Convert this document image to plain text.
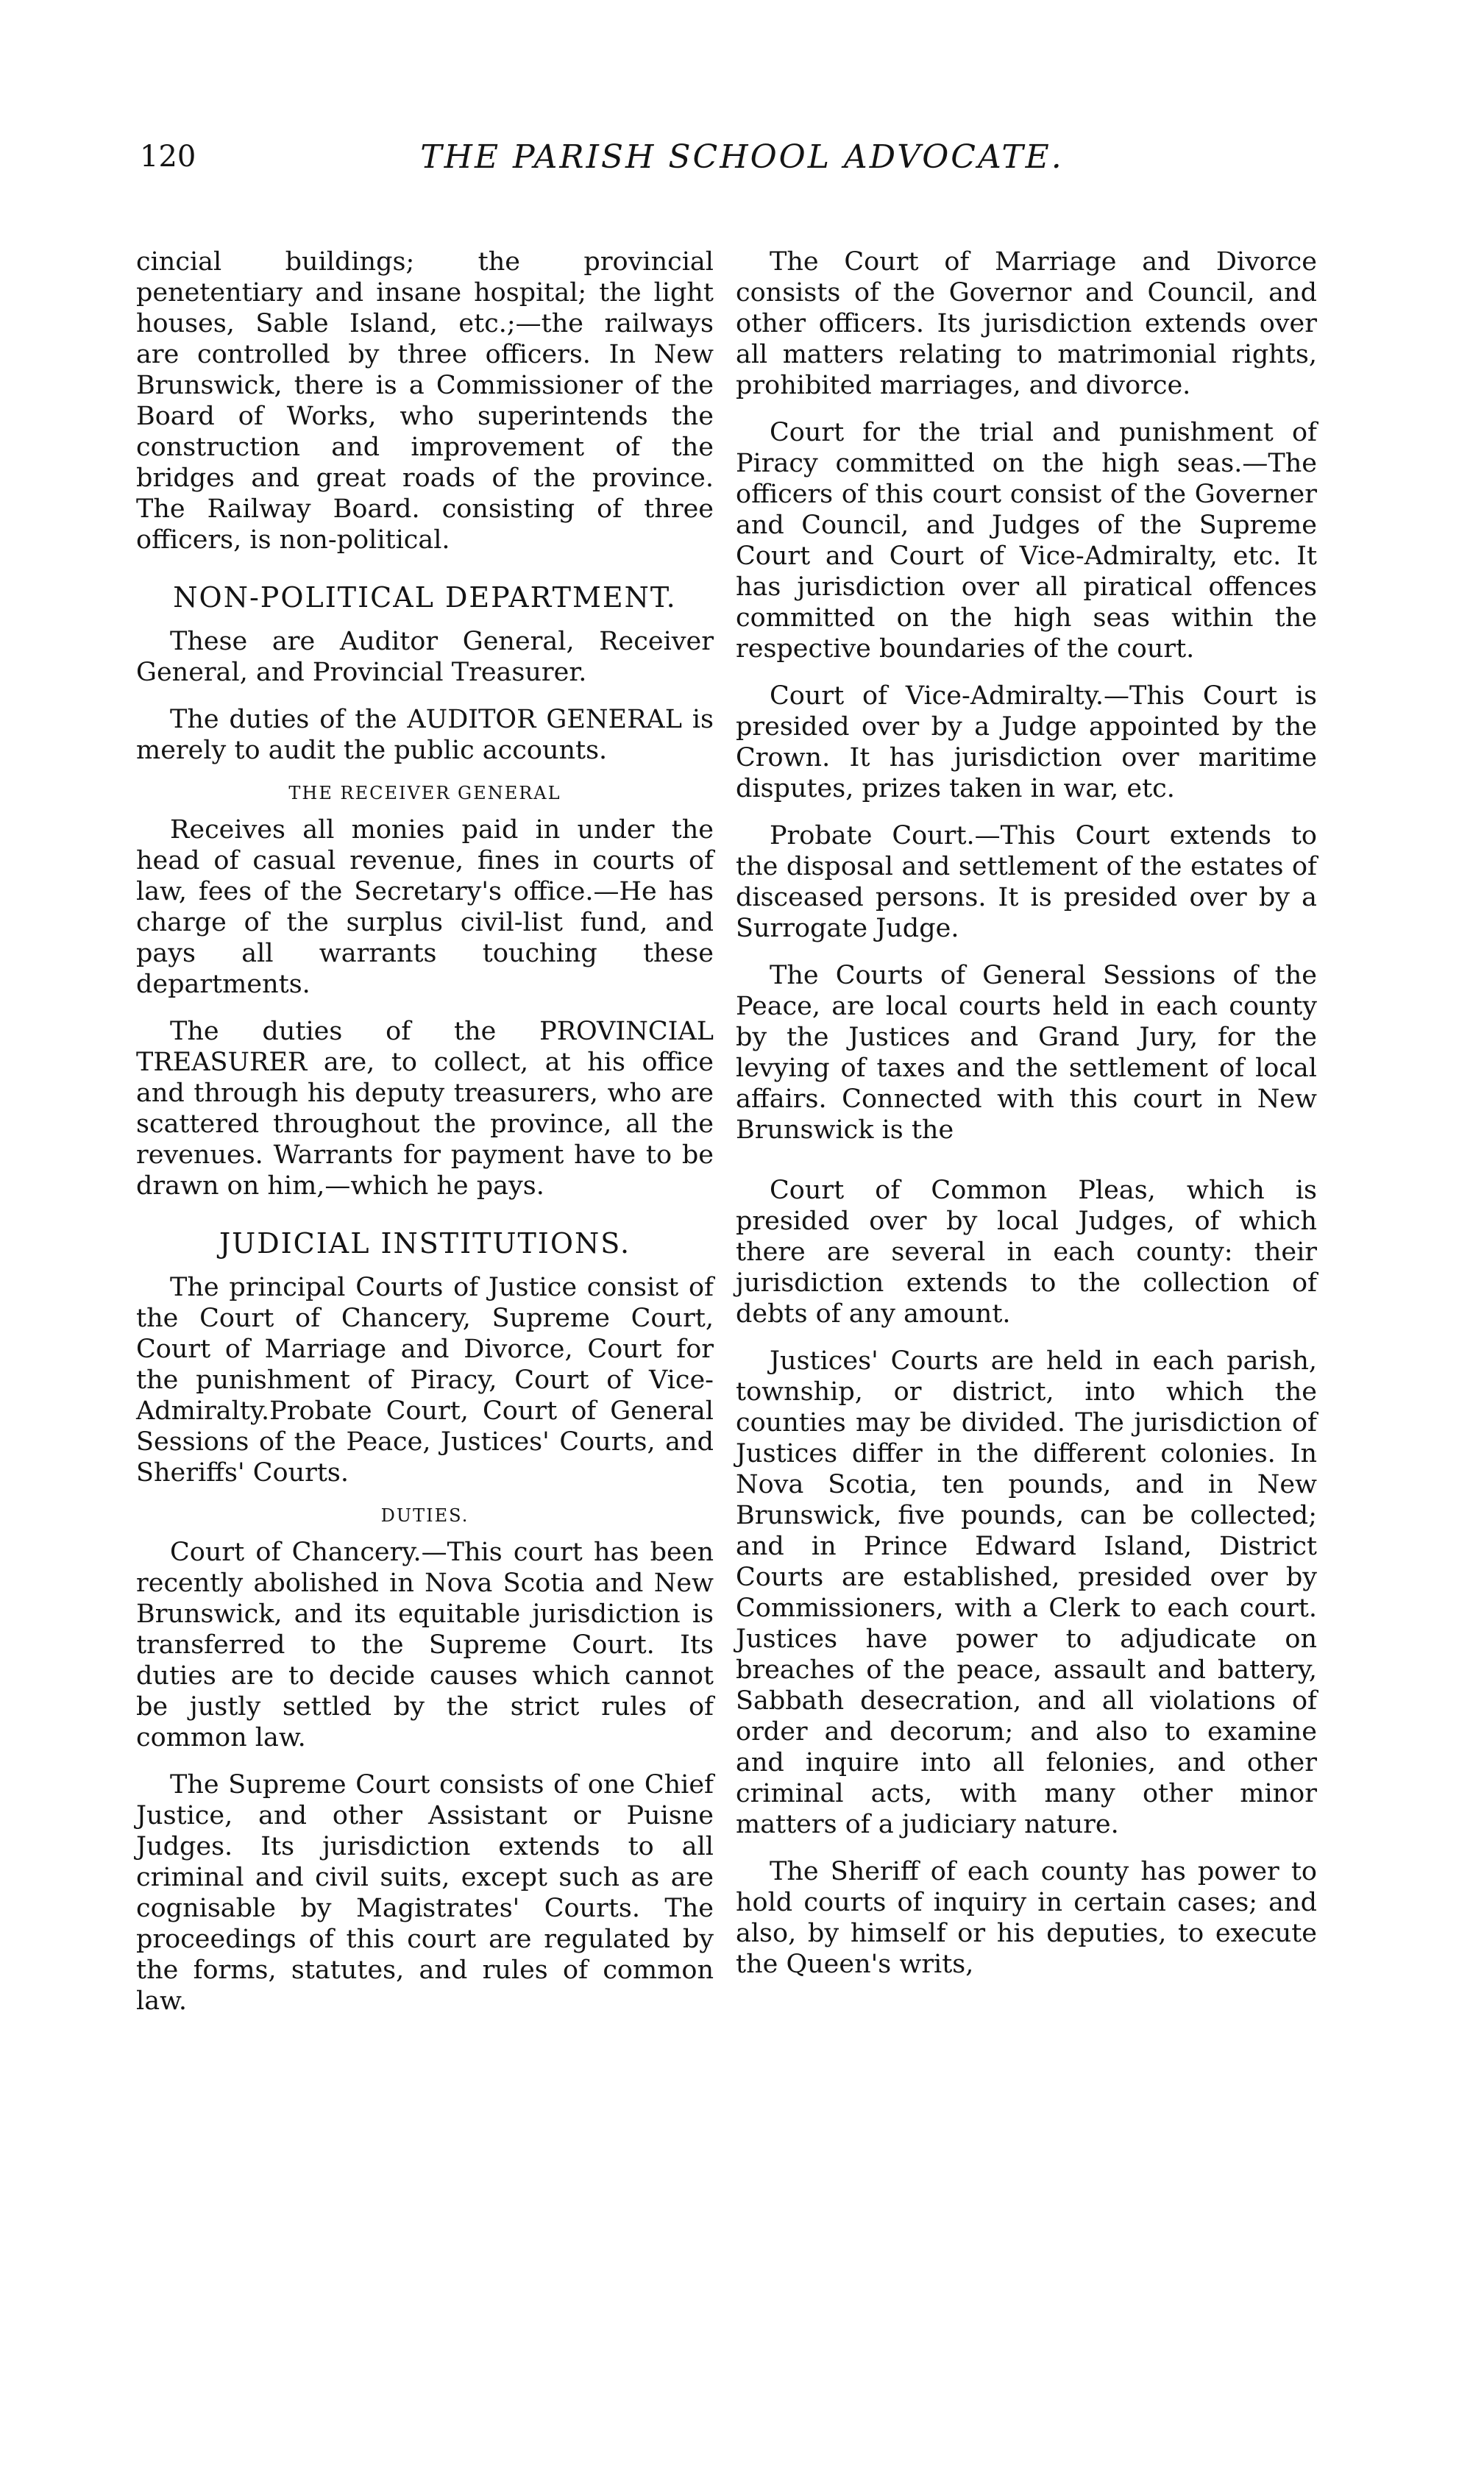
120	THE PARISH SCHOOL ADVOCATE.

cincial buildings; the provincial penetentiary and insane hospital; the light houses, Sable Island, etc.;—the railways are controlled by three officers. In New Brunswick, there is a Commissioner of the Board of Works, who superintends the construction and improvement of the bridges and great roads of the province. The Railway Board. consisting of three officers, is non-political.

NON-POLITICAL DEPARTMENT.

These are Auditor General, Receiver General, and Provincial Treasurer.

The duties of the AUDITOR GENERAL is merely to audit the public accounts.

THE RECEIVER GENERAL

Receives all monies paid in under the head of casual revenue, fines in courts of law, fees of the Secretary's office.—He has charge of the surplus civil-list fund, and pays all warrants touching these departments.

The duties of the PROVINCIAL TREASURER are, to collect, at his office and through his deputy treasurers, who are scattered throughout the province, all the revenues. Warrants for payment have to be drawn on him,—which he pays.

JUDICIAL INSTITUTIONS.

The principal Courts of Justice consist of the Court of Chancery, Supreme Court, Court of Marriage and Divorce, Court for the punishment of Piracy, Court of Vice-Admiralty.Probate Court, Court of General Sessions of the Peace, Justices' Courts, and Sheriffs' Courts.

DUTIES.

Court of Chancery.—This court has been recently abolished in Nova Scotia and New Brunswick, and its equitable jurisdiction is transferred to the Supreme Court. Its duties are to decide causes which cannot be justly settled by the strict rules of common law.

The Supreme Court consists of one Chief Justice, and other Assistant or Puisne Judges. Its jurisdiction extends to all criminal and civil suits, except such as are cognisable by Magistrates' Courts. The proceedings of this court are regulated by the forms, statutes, and rules of common law.

The Court of Marriage and Divorce consists of the Governor and Council, and other officers. Its jurisdiction extends over all matters relating to matrimonial rights, prohibited marriages, and divorce.

Court for the trial and punishment of Piracy committed on the high seas.—The officers of this court consist of the Governer and Council, and Judges of the Supreme Court and Court of Vice-Admiralty, etc. It has jurisdiction over all piratical offences committed on the high seas within the respective boundaries of the court.

Court of Vice-Admiralty.—This Court is presided over by a Judge appointed by the Crown. It has jurisdiction over maritime disputes, prizes taken in war, etc.

Probate Court.—This Court extends to the disposal and settlement of the estates of disceased persons. It is presided over by a Surrogate Judge.

The Courts of General Sessions of the Peace, are local courts held in each county by the Justices and Grand Jury, for the levying of taxes and the settlement of local affairs. Connected with this court in New Brunswick is the

Court of Common Pleas, which is presided over by local Judges, of which there are several in each county: their jurisdiction extends to the collection of debts of any amount.

Justices' Courts are held in each parish, township, or district, into which the counties may be divided. The jurisdiction of Justices differ in the different colonies. In Nova Scotia, ten pounds, and in New Brunswick, five pounds, can be collected; and in Prince Edward Island, District Courts are established, presided over by Commissioners, with a Clerk to each court. Justices have power to adjudicate on breaches of the peace, assault and battery, Sabbath desecration, and all violations of order and decorum; and also to examine and inquire into all felonies, and other criminal acts, with many other minor matters of a judiciary nature.

The Sheriff of each county has power to hold courts of inquiry in certain cases; and also, by himself or his deputies, to execute the Queen's writs,
